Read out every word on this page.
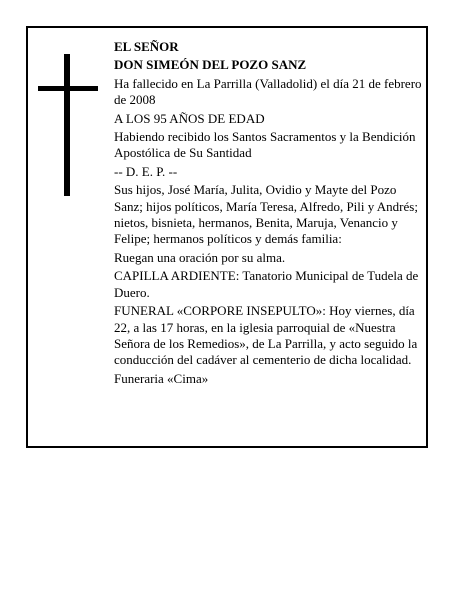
EL SEÑOR

DON SIMEÓN DEL POZO SANZ

Ha fallecido en La Parrilla (Valladolid) el día 21 de febrero de 2008

A LOS 95 AÑOS DE EDAD

Habiendo recibido los Santos Sacramentos y la Bendición Apostólica de Su Santidad

-- D. E. P. --

Sus hijos, José María, Julita, Ovidio y Mayte del Pozo Sanz; hijos políticos, María Teresa, Alfredo, Pili y Andrés; nietos, bisnieta, hermanos, Benita, Maruja, Venancio y Felipe; hermanos políticos y demás familia:

Ruegan una oración por su alma.

CAPILLA ARDIENTE: Tanatorio Municipal de Tudela de Duero.

FUNERAL «CORPORE INSEPULTO»: Hoy viernes, día 22, a las 17 horas, en la iglesia parroquial de «Nuestra Señora de los Remedios», de La Parrilla, y acto seguido la conducción del cadáver al cementerio de dicha localidad.

Funeraria «Cima»
